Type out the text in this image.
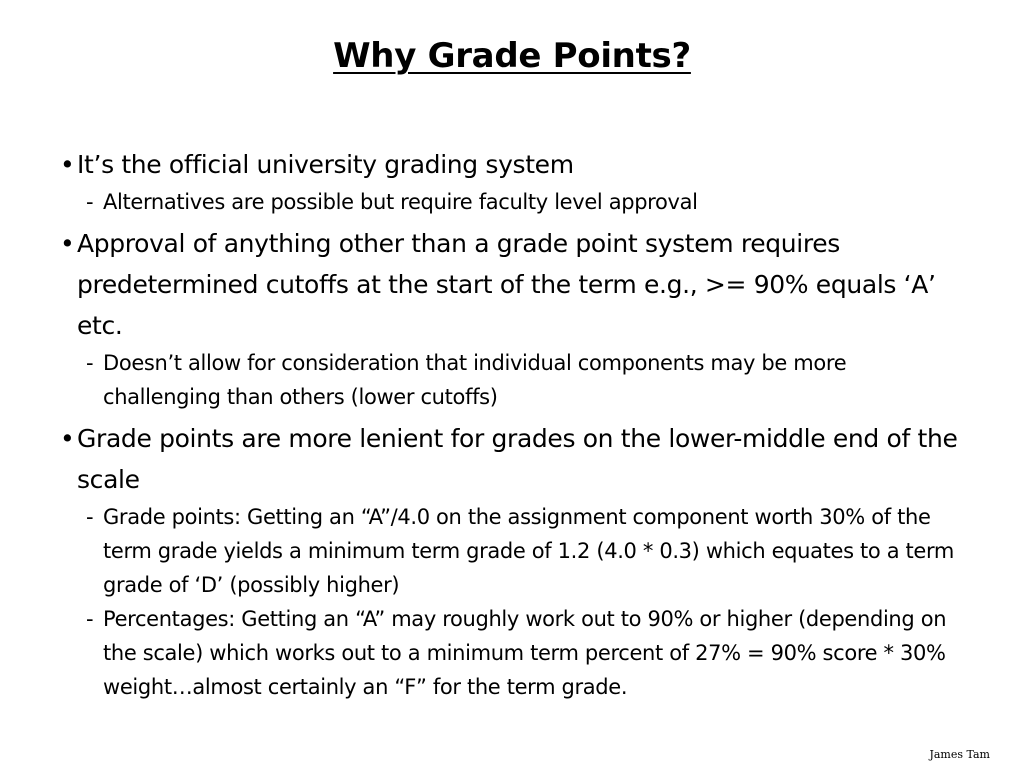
Why Grade Points?
• It’s the official university grading system
- Alternatives are possible but require faculty level approval
• Approval of anything other than a grade point system requires predetermined cutoffs at the start of the term e.g., >= 90% equals ‘A’ etc.
- Doesn’t allow for consideration that individual components may be more challenging than others (lower cutoffs)
• Grade points are more lenient for grades on the lower-middle end of the scale
- Grade points: Getting an “A”/4.0 on the assignment component worth 30% of the term grade yields a minimum term grade of 1.2 (4.0 * 0.3) which equates to a term grade of ‘D’ (possibly higher)
- Percentages: Getting an “A” may roughly work out to 90% or higher (depending on the scale) which works out to a minimum term percent of 27% = 90% score * 30% weight…almost certainly an “F” for the term grade.
James Tam
